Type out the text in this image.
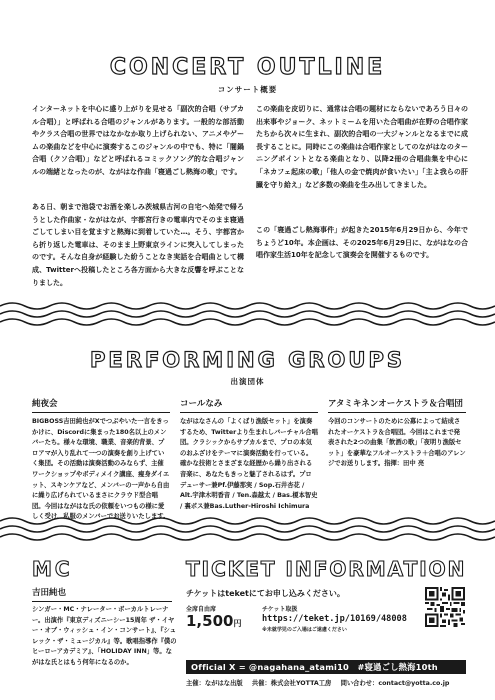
CONCERT OUTLINE
コンサート概要

インターネットを中心に盛り上がりを見せる「副次的合唱（サブカル合唱）」と呼ばれる合唱のジャンルがあります。一般的な部活動やクラス合唱の世界ではなかなか取り上げられない、アニメやゲームの楽曲などを中心に演奏するこのジャンルの中でも、特に「闇鍋合唱（クソ合唱）」などと呼ばれるコミックソング的な合唱ジャンルの端緒となったのが、ながはな作曲「寝過ごし熱海の歌」です。

ある日、朝まで池袋でお酒を楽しみ茨城県古河の自宅へ始発で帰ろうとした作曲家・ながはなが、宇都宮行きの電車内でそのまま寝過ごしてしまい目を覚ますと熱海に到着していた…。そう、宇都宮から折り返した電車は、そのまま上野東京ラインに突入してしまったのです。そんな自身が経験した紛うことなき実話を合唱曲として構成、Twitterへ投稿したところ各方面から大きな反響を呼ぶことなりました。

この楽曲を皮切りに、通常は合唱の題材にならないであろう日々の出来事やジョーク、ネットミームを用いた合唱曲が在野の合唱作家たちから次々に生まれ、副次的合唱の一大ジャンルとなるまでに成長することに。同時にこの楽曲は合唱作家としてのながはなのターニングポイントとなる楽曲となり、以降2冊の合唱曲集を中心に「ネカフェ起床の歌」「他人の金で焼肉が食いたい」「主よ我らの肝臓を守り給え」など多数の楽曲を生み出してきました。

この「寝過ごし熱海事件」が起きた2015年6月29日から、今年でちょうど10年。本企画は、その2025年6月29日に、ながはなの合唱作家生活10年を記念して演奏会を開催するものです。

PERFORMING GROUPS
出演団体

純夜会

BIGBOSS吉田純也がXでつぶやいた一言をきっかけに、Discordに集まった180名以上のメンバーたち。様々な環境、職業、音楽的背景、プロアマが入り乱れて一つの演奏を創り上げていく集団。その活動は演奏活動のみならず、主催ワークショップやボディメイク講座、痩身ダイエット、スキンケアなど、メンバーの一声から自由に繰り広げられているまさにクラウド型合唱団。今回はながはな氏の依頼をいつもの様に愛しく受け、私服のメンバーでお送りいたします。

コールなみ

ながはなさんの「よくばり漁版セット」を演奏するため、Twitterより生まれしバーチャル合唱団。クラシックからサブカルまで、プロの本気のおふざけをテーマに演奏活動を行っている。確かな技術とさまざまな経歴から繰り出される音楽に、あなたもきっと魅了されるはず。プロデューサー兼Pf.伊藤那実 / Sop.石井杏花 / Alt.宇津木明香音 / Ten.森越太 / Bas.榎本智史 / 裏ボス兼Bas.Luther-Hiroshi Ichimura

アタミキネンオーケストラ＆合唱団

今回のコンサートのために公募によって結成されたオーケストラ＆合唱団。今回はこれまで発表された2つの曲集「飲酒の歌」「夜明り漁版セット」を豪華なフルオーケストラ＋合唱のアレンジでお送りします。指揮：田中 亮

MC
吉田純也

シンガー・MC・ナレーター・ボーカルトレーナー。出演作『東京ディズニーシー15周年 ザ・イヤー・オブ・ウィッシュ・イン・コンサート』、『シュレック・ザ・ミュージカル』等。歌唱指導作『僕のヒーローアカデミア』、「HOLIDAY INN」等。ながはな氏とはもう何年になるのか。

TICKET INFORMATION
チケットはteketにてお申し込みください。
全席自由席
1,500円
チケット取扱
https://teket.jp/10169/48008
※未就学児のご入場はご遠慮ください
Official X = @nagahana_atami10　#寝過ごし熱海10th
主催：ながはな出版 共催：株式会社YOTTA工房 問い合わせ：contact@yotta.co.jp
